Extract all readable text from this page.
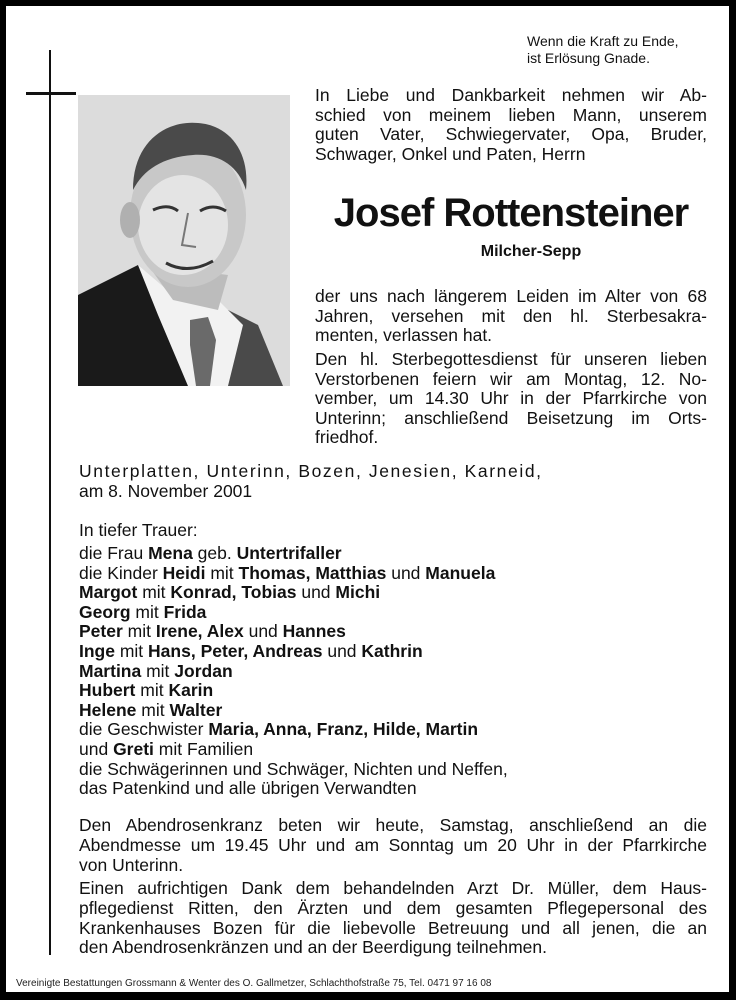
Wenn die Kraft zu Ende,
ist Erlösung Gnade.
In Liebe und Dankbarkeit nehmen wir Ab-
schied von meinem lieben Mann, unserem
guten Vater, Schwiegervater, Opa, Bruder,
Schwager, Onkel und Paten, Herrn
Josef Rottensteiner
Milcher-Sepp
der uns nach längerem Leiden im Alter von 68
Jahren, versehen mit den hl. Sterbesakra-
menten, verlassen hat.
Den hl. Sterbegottesdienst für unseren lieben
Verstorbenen feiern wir am Montag, 12. No-
vember, um 14.30 Uhr in der Pfarrkirche von
Unterinn; anschließend Beisetzung im Orts-
friedhof.
Unterplatten, Unterinn, Bozen, Jenesien, Karneid,
am 8. November 2001
In tiefer Trauer:
die Frau Mena geb. Untertrifaller
die Kinder Heidi mit Thomas, Matthias und Manuela
Margot mit Konrad, Tobias und Michi
Georg mit Frida
Peter mit Irene, Alex und Hannes
Inge mit Hans, Peter, Andreas und Kathrin
Martina mit Jordan
Hubert mit Karin
Helene mit Walter
die Geschwister Maria, Anna, Franz, Hilde, Martin
und Greti mit Familien
die Schwägerinnen und Schwäger, Nichten und Neffen,
das Patenkind und alle übrigen Verwandten
Den Abendrosenkranz beten wir heute, Samstag, anschließend an die
Abendmesse um 19.45 Uhr und am Sonntag um 20 Uhr in der Pfarrkirche
von Unterinn.
Einen aufrichtigen Dank dem behandelnden Arzt Dr. Müller, dem Haus-
pflegedienst Ritten, den Ärzten und dem gesamten Pflegepersonal des
Krankenhauses Bozen für die liebevolle Betreuung und all jenen, die an
den Abendrosenkränzen und an der Beerdigung teilnehmen.
Vereinigte Bestattungen Grossmann & Wenter des O. Gallmetzer, Schlachthofstraße 75, Tel. 0471 97 16 08
